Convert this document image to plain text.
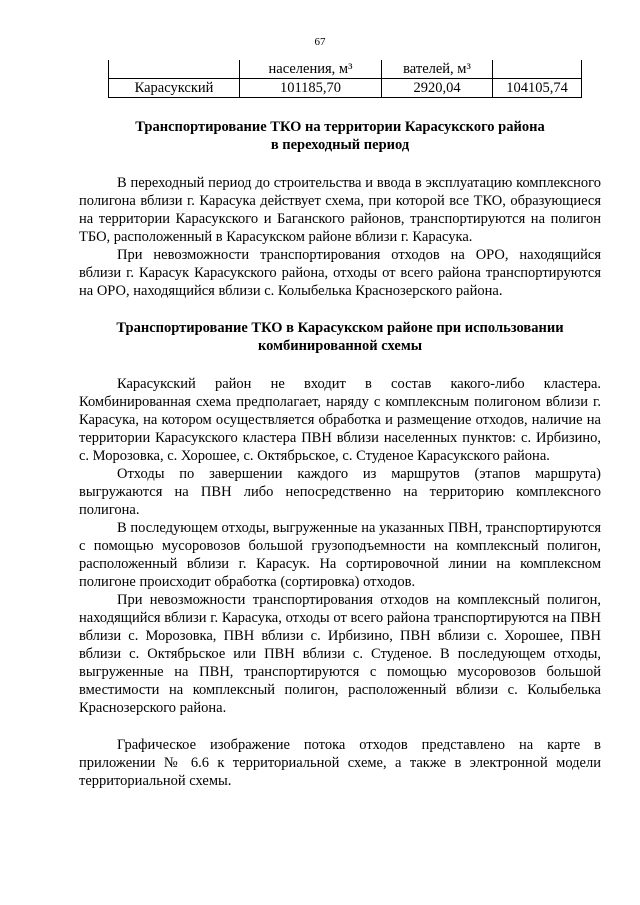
67
	населения, м³	вателей, м³	
Карасукский	101185,70	2920,04	104105,74
Транспортирование ТКО на территории Карасукского района
в переходный период

В переходный период до строительства и ввода в эксплуатацию комплексного полигона вблизи г. Карасука действует схема, при которой все ТКО, образующиеся на территории Карасукского и Баганского районов, транспортируются на полигон ТБО, расположенный в Карасукском районе вблизи г. Карасука.

При невозможности транспортирования отходов на ОРО, находящийся вблизи г. Карасук Карасукского района, отходы от всего района транспортируются на ОРО, находящийся вблизи с. Колыбелька Краснозерского района.

Транспортирование ТКО в Карасукском районе при использовании
комбинированной схемы

Карасукский район не входит в состав какого-либо кластера. Комбинированная схема предполагает, наряду с комплексным полигоном вблизи г. Карасука, на котором осуществляется обработка и размещение отходов, наличие на территории Карасукского кластера ПВН вблизи населенных пунктов: с. Ирбизино, с. Морозовка, с. Хорошее, с. Октябрьское, с. Студеное Карасукского района.

Отходы по завершении каждого из маршрутов (этапов маршрута) выгружаются на ПВН либо непосредственно на территорию комплексного полигона.

В последующем отходы, выгруженные на указанных ПВН, транспортируются с помощью мусоровозов большой грузоподъемности на комплексный полигон, расположенный вблизи г. Карасук. На сортировочной линии на комплексном полигоне происходит обработка (сортировка) отходов.

При невозможности транспортирования отходов на комплексный полигон, находящийся вблизи г. Карасука, отходы от всего района транспортируются на ПВН вблизи с. Морозовка, ПВН вблизи с. Ирбизино, ПВН вблизи с. Хорошее, ПВН вблизи с. Октябрьское или ПВН вблизи с. Студеное. В последующем отходы, выгруженные на ПВН, транспортируются с помощью мусоровозов большой вместимости на комплексный полигон, расположенный вблизи с. Колыбелька Краснозерского района.

Графическое изображение потока отходов представлено на карте в приложении № 6.6 к территориальной схеме, а также в электронной модели территориальной схемы.
